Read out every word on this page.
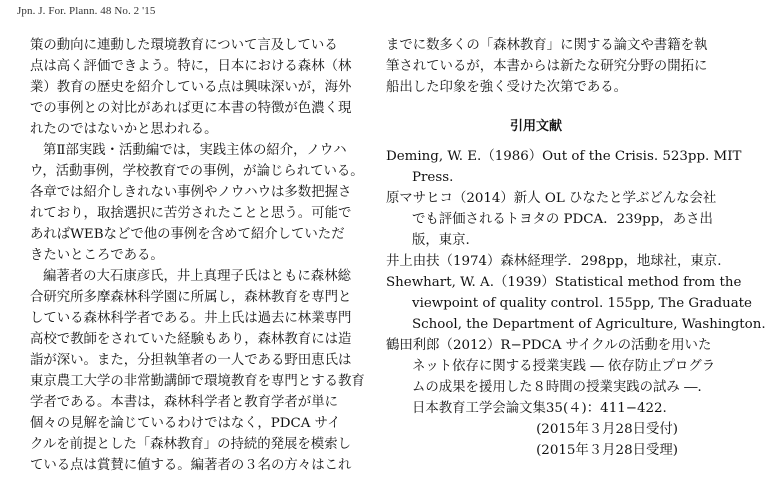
Jpn. J. For. Plann. 48 No. 2 '15
策の動向に連動した環境教育について言及している
点は高く評価できよう。特に，日本における森林（林
業）教育の歴史を紹介している点は興味深いが，海外
での事例との対比があれば更に本書の特徴が色濃く現
れたのではないかと思われる。
第Ⅱ部実践・活動編では，実践主体の紹介，ノウハ
ウ，活動事例，学校教育での事例，が論じられている。
各章では紹介しきれない事例やノウハウは多数把握さ
れており，取捨選択に苦労されたことと思う。可能で
あればWEBなどで他の事例を含めて紹介していただ
きたいところである。
編著者の大石康彦氏，井上真理子氏はともに森林総
合研究所多摩森林科学園に所属し，森林教育を専門と
している森林科学者である。井上氏は過去に林業専門
高校で教師をされていた経験もあり，森林教育には造
詣が深い。また，分担執筆者の一人である野田恵氏は
東京農工大学の非常勤講師で環境教育を専門とする教育
学者である。本書は，森林科学者と教育学者が単に
個々の見解を論じているわけではなく，PDCA サイ
クルを前提とした「森林教育」の持続的発展を模索し
ている点は賞賛に値する。編著者の３名の方々はこれ
までに数多くの「森林教育」に関する論文や書籍を執
筆されているが，本書からは新たな研究分野の開拓に
船出した印象を強く受けた次第である。
引用文献
Deming, W. E.（1986）Out of the Crisis. 523pp. MIT
Press.
原マサヒコ（2014）新人 OL ひなたと学ぶどんな会社
でも評価されるトヨタの PDCA．239pp，あさ出
版，東京.
井上由扶（1974）森林経理学．298pp，地球社，東京.
Shewhart, W. A.（1939）Statistical method from the
viewpoint of quality control. 155pp, The Graduate
School, the Department of Agriculture, Washington.
鶴田利郎（2012）R−PDCA サイクルの活動を用いた
ネット依存に関する授業実践 ― 依存防止プログラ
ムの成果を援用した８時間の授業実践の試み ―．
日本教育工学会論文集35(４)：411−422.
(2015年３月28日受付)
(2015年３月28日受理)
